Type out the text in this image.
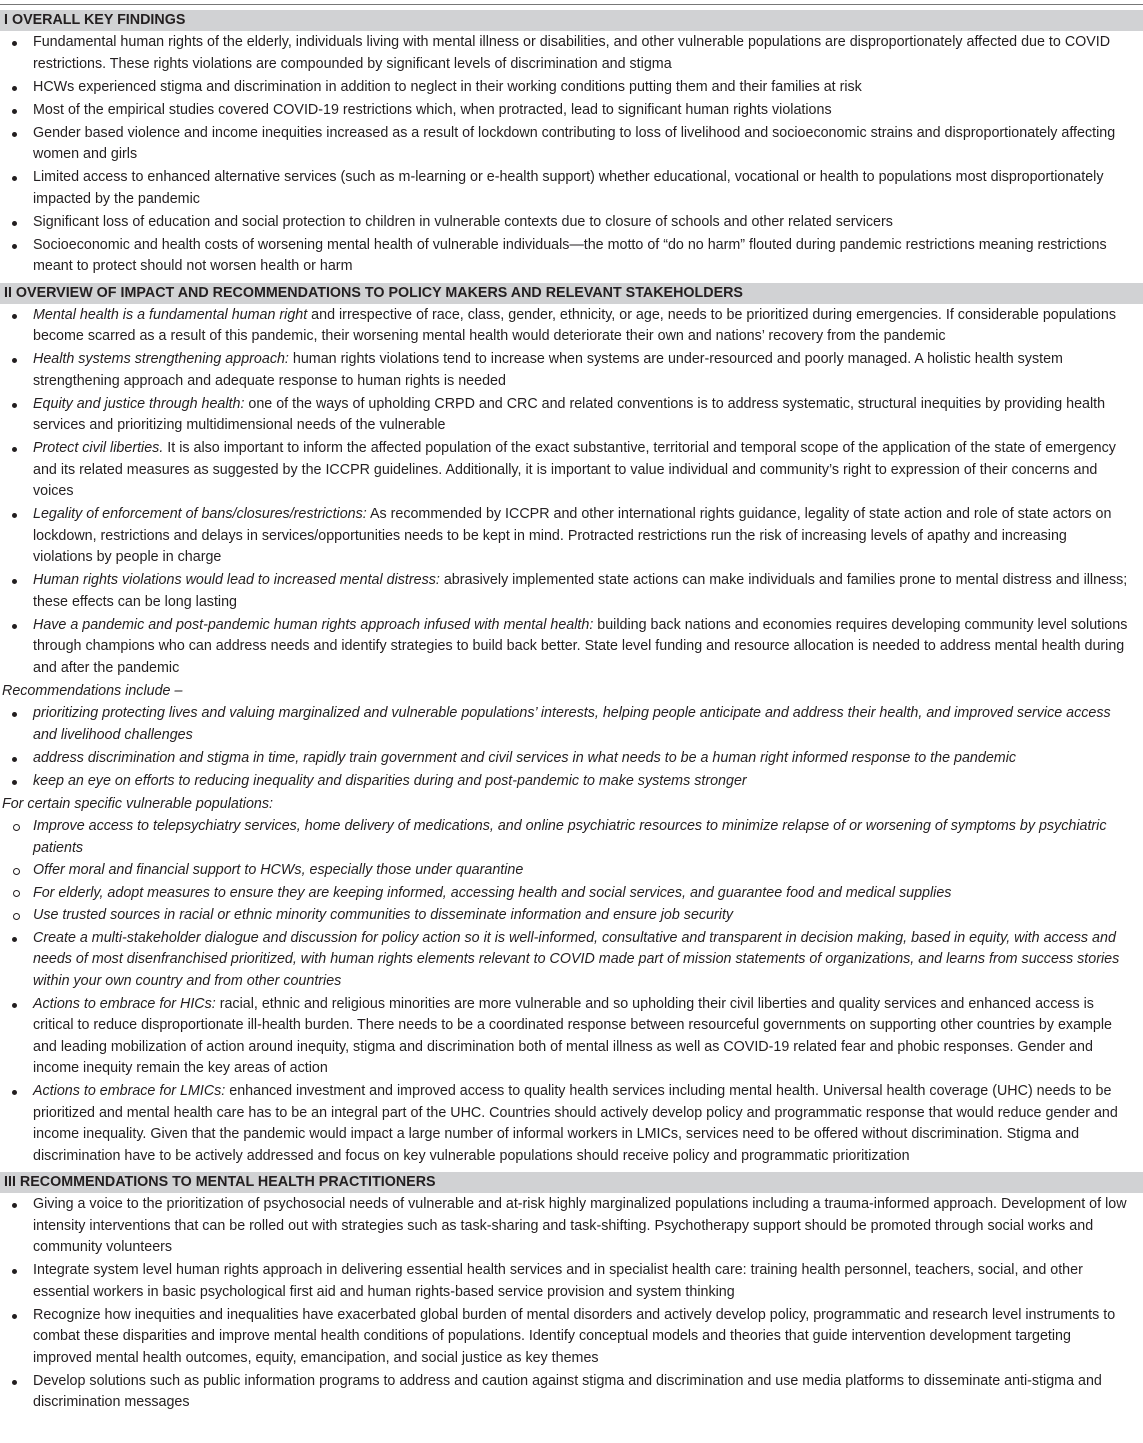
I OVERALL KEY FINDINGS
Fundamental human rights of the elderly, individuals living with mental illness or disabilities, and other vulnerable populations are disproportionately affected due to COVID restrictions. These rights violations are compounded by significant levels of discrimination and stigma
HCWs experienced stigma and discrimination in addition to neglect in their working conditions putting them and their families at risk
Most of the empirical studies covered COVID-19 restrictions which, when protracted, lead to significant human rights violations
Gender based violence and income inequities increased as a result of lockdown contributing to loss of livelihood and socioeconomic strains and disproportionately affecting women and girls
Limited access to enhanced alternative services (such as m-learning or e-health support) whether educational, vocational or health to populations most disproportionately impacted by the pandemic
Significant loss of education and social protection to children in vulnerable contexts due to closure of schools and other related servicers
Socioeconomic and health costs of worsening mental health of vulnerable individuals—the motto of “do no harm” flouted during pandemic restrictions meaning restrictions meant to protect should not worsen health or harm
II OVERVIEW OF IMPACT AND RECOMMENDATIONS TO POLICY MAKERS AND RELEVANT STAKEHOLDERS
Mental health is a fundamental human right and irrespective of race, class, gender, ethnicity, or age, needs to be prioritized during emergencies. If considerable populations become scarred as a result of this pandemic, their worsening mental health would deteriorate their own and nations’ recovery from the pandemic
Health systems strengthening approach: human rights violations tend to increase when systems are under-resourced and poorly managed. A holistic health system strengthening approach and adequate response to human rights is needed
Equity and justice through health: one of the ways of upholding CRPD and CRC and related conventions is to address systematic, structural inequities by providing health services and prioritizing multidimensional needs of the vulnerable
Protect civil liberties. It is also important to inform the affected population of the exact substantive, territorial and temporal scope of the application of the state of emergency and its related measures as suggested by the ICCPR guidelines. Additionally, it is important to value individual and community’s right to expression of their concerns and voices
Legality of enforcement of bans/closures/restrictions: As recommended by ICCPR and other international rights guidance, legality of state action and role of state actors on lockdown, restrictions and delays in services/opportunities needs to be kept in mind. Protracted restrictions run the risk of increasing levels of apathy and increasing violations by people in charge
Human rights violations would lead to increased mental distress: abrasively implemented state actions can make individuals and families prone to mental distress and illness; these effects can be long lasting
Have a pandemic and post-pandemic human rights approach infused with mental health: building back nations and economies requires developing community level solutions through champions who can address needs and identify strategies to build back better. State level funding and resource allocation is needed to address mental health during and after the pandemic
Recommendations include –
prioritizing protecting lives and valuing marginalized and vulnerable populations’ interests, helping people anticipate and address their health, and improved service access and livelihood challenges
address discrimination and stigma in time, rapidly train government and civil services in what needs to be a human right informed response to the pandemic
keep an eye on efforts to reducing inequality and disparities during and post-pandemic to make systems stronger
For certain specific vulnerable populations:
Improve access to telepsychiatry services, home delivery of medications, and online psychiatric resources to minimize relapse of or worsening of symptoms by psychiatric patients
Offer moral and financial support to HCWs, especially those under quarantine
For elderly, adopt measures to ensure they are keeping informed, accessing health and social services, and guarantee food and medical supplies
Use trusted sources in racial or ethnic minority communities to disseminate information and ensure job security
Create a multi-stakeholder dialogue and discussion for policy action so it is well-informed, consultative and transparent in decision making, based in equity, with access and needs of most disenfranchised prioritized, with human rights elements relevant to COVID made part of mission statements of organizations, and learns from success stories within your own country and from other countries
Actions to embrace for HICs: racial, ethnic and religious minorities are more vulnerable and so upholding their civil liberties and quality services and enhanced access is critical to reduce disproportionate ill-health burden. There needs to be a coordinated response between resourceful governments on supporting other countries by example and leading mobilization of action around inequity, stigma and discrimination both of mental illness as well as COVID-19 related fear and phobic responses. Gender and income inequity remain the key areas of action
Actions to embrace for LMICs: enhanced investment and improved access to quality health services including mental health. Universal health coverage (UHC) needs to be prioritized and mental health care has to be an integral part of the UHC. Countries should actively develop policy and programmatic response that would reduce gender and income inequality. Given that the pandemic would impact a large number of informal workers in LMICs, services need to be offered without discrimination. Stigma and discrimination have to be actively addressed and focus on key vulnerable populations should receive policy and programmatic prioritization
III RECOMMENDATIONS TO MENTAL HEALTH PRACTITIONERS
Giving a voice to the prioritization of psychosocial needs of vulnerable and at-risk highly marginalized populations including a trauma-informed approach. Development of low intensity interventions that can be rolled out with strategies such as task-sharing and task-shifting. Psychotherapy support should be promoted through social works and community volunteers
Integrate system level human rights approach in delivering essential health services and in specialist health care: training health personnel, teachers, social, and other essential workers in basic psychological first aid and human rights-based service provision and system thinking
Recognize how inequities and inequalities have exacerbated global burden of mental disorders and actively develop policy, programmatic and research level instruments to combat these disparities and improve mental health conditions of populations. Identify conceptual models and theories that guide intervention development targeting improved mental health outcomes, equity, emancipation, and social justice as key themes
Develop solutions such as public information programs to address and caution against stigma and discrimination and use media platforms to disseminate anti-stigma and discrimination messages
